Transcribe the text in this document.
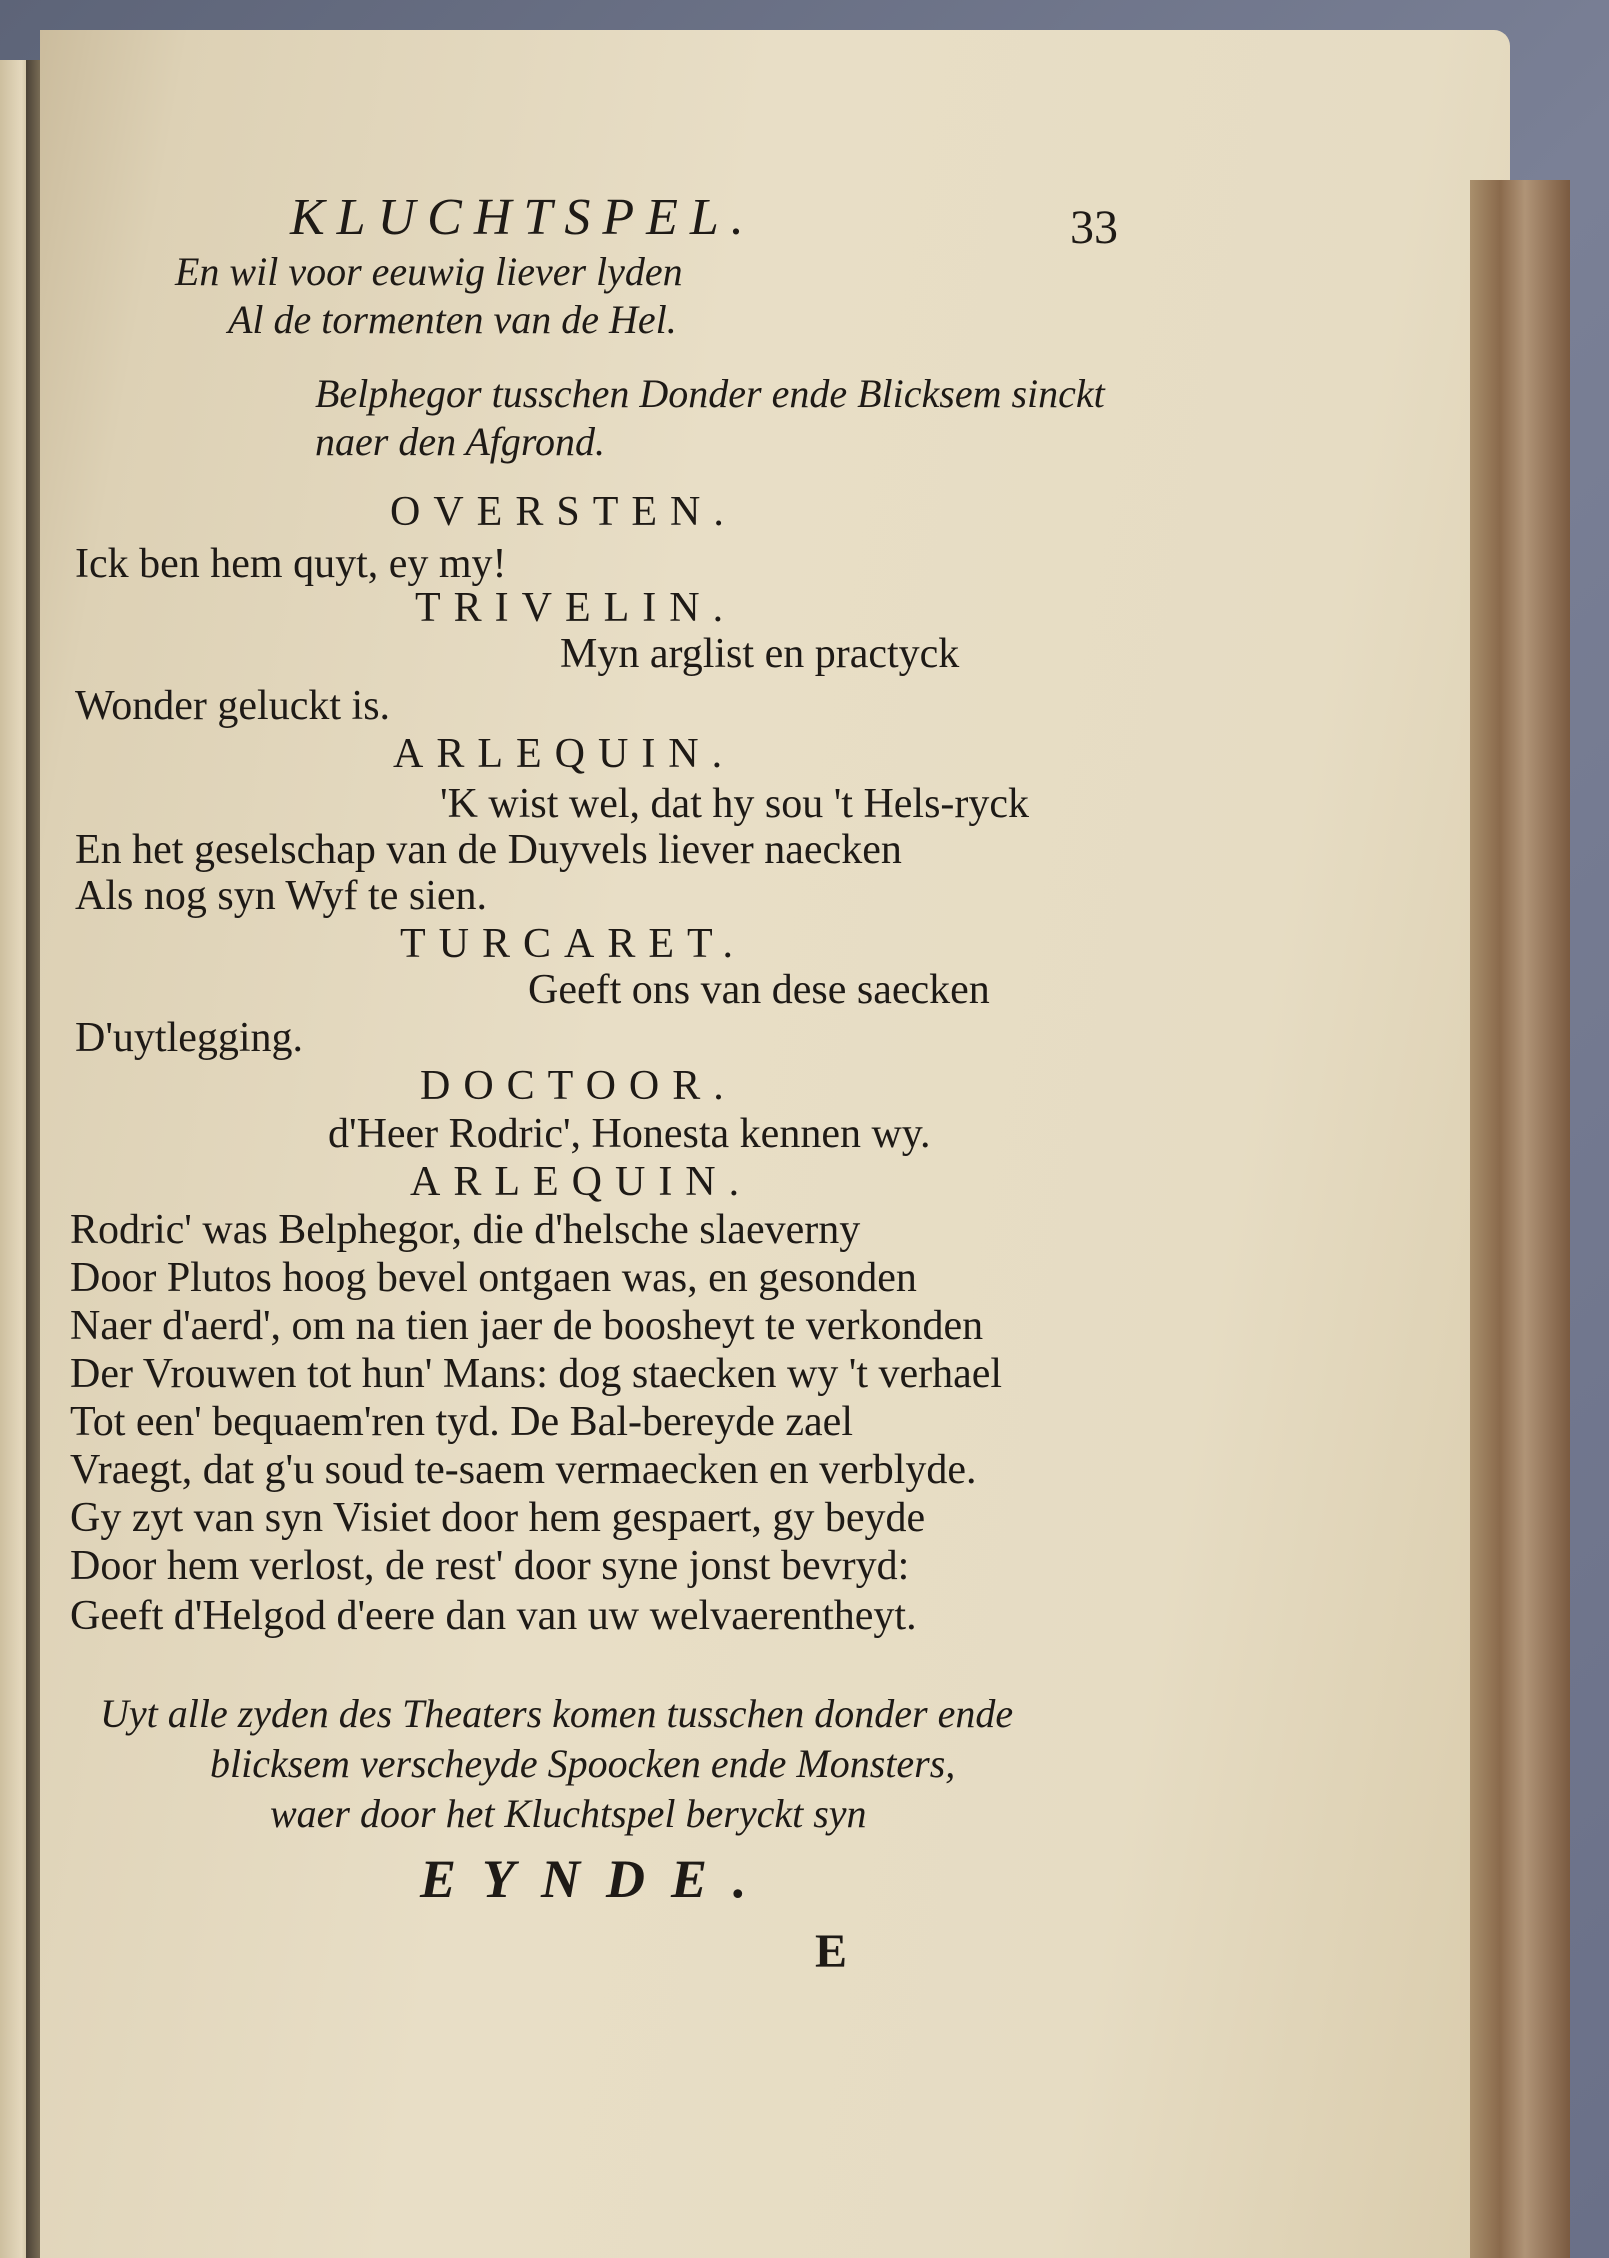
KLUCHTSPEL.	33
En wil voor eeuwig liever lyden
Al de tormenten van de Hel.
Belphegor tusschen Donder ende Blicksem sinckt
naer den Afgrond.
OVERSTEN.
Ick ben hem quyt, ey my!
TRIVELIN.
Myn arglist en practyck
Wonder geluckt is.
ARLEQUIN.
'K wist wel, dat hy sou 't Hels-ryck
En het geselschap van de Duyvels liever naecken
Als nog syn Wyf te sien.
TURCARET.
Geeft ons van dese saecken
D'uytlegging.
DOCTOOR.
d'Heer Rodric', Honesta kennen wy.
ARLEQUIN.
Rodric' was Belphegor, die d'helsche slaeverny
Door Plutos hoog bevel ontgaen was, en gesonden
Naer d'aerd', om na tien jaer de boosheyt te verkonden
Der Vrouwen tot hun' Mans: dog staecken wy 't verhael
Tot een' bequaem'ren tyd. De Bal-bereyde zael
Vraegt, dat g'u soud te-saem vermaecken en verblyde.
Gy zyt van syn Visiet door hem gespaert, gy beyde
Door hem verlost, de rest' door syne jonst bevryd:
Geeft d'Helgod d'eere dan van uw welvaerentheyt.
Uyt alle zyden des Theaters komen tusschen donder ende
blicksem verscheyde Spoocken ende Monsters,
waer door het Kluchtspel beryckt syn
EYNDE.
E
